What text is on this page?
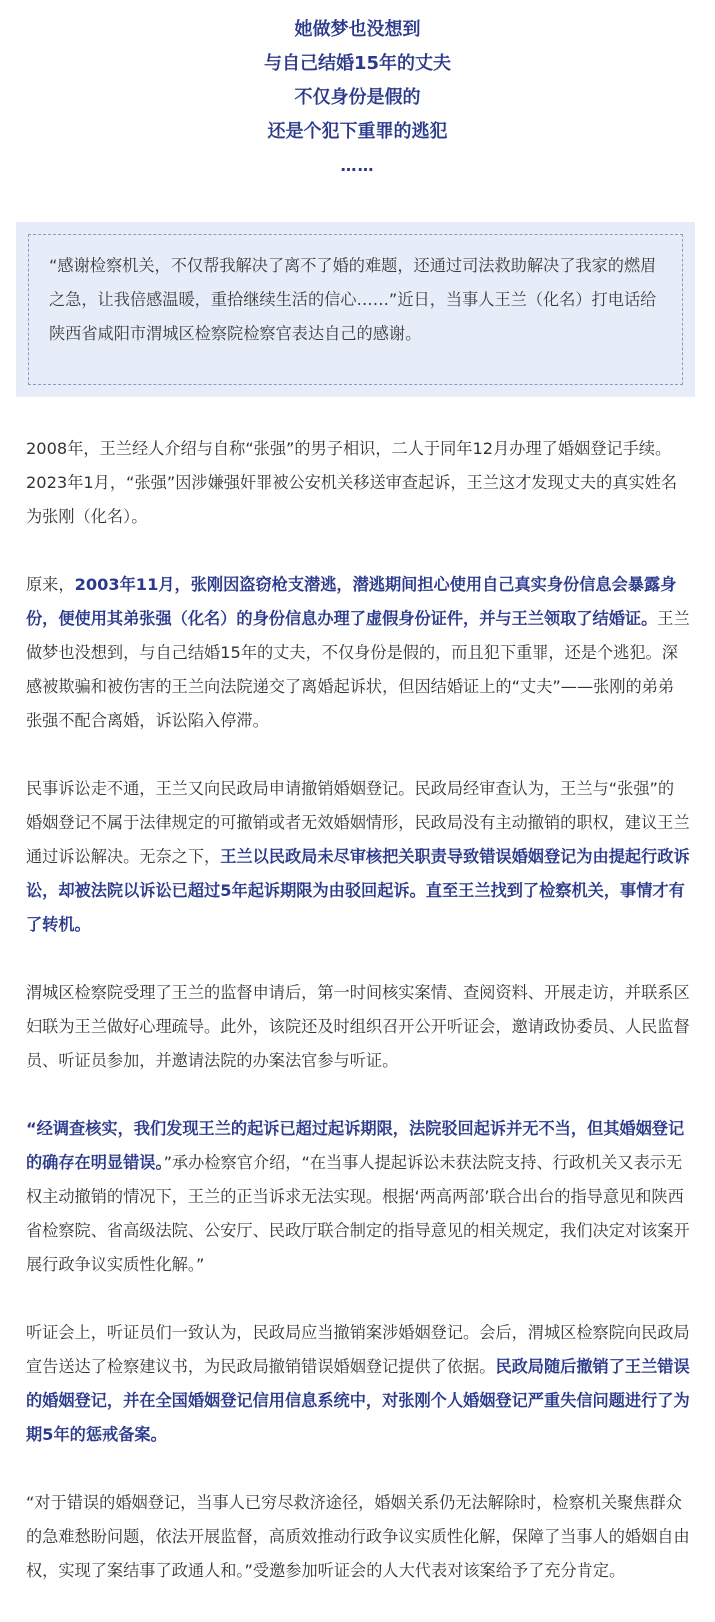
她做梦也没想到
与自己结婚15年的丈夫
不仅身份是假的
还是个犯下重罪的逃犯
……
“感谢检察机关，不仅帮我解决了离不了婚的难题，还通过司法救助解决了我家的燃眉之急，让我倍感温暖，重拾继续生活的信心……”近日，当事人王兰（化名）打电话给陕西省咸阳市渭城区检察院检察官表达自己的感谢。

2008年，王兰经人介绍与自称“张强”的男子相识，二人于同年12月办理了婚姻登记手续。2023年1月，“张强”因涉嫌强奸罪被公安机关移送审查起诉，王兰这才发现丈夫的真实姓名为张刚（化名）。

原来，2003年11月，张刚因盗窃枪支潜逃，潜逃期间担心使用自己真实身份信息会暴露身份，便使用其弟张强（化名）的身份信息办理了虚假身份证件，并与王兰领取了结婚证。王兰做梦也没想到，与自己结婚15年的丈夫，不仅身份是假的，而且犯下重罪，还是个逃犯。深感被欺骗和被伤害的王兰向法院递交了离婚起诉状，但因结婚证上的“丈夫”——张刚的弟弟张强不配合离婚，诉讼陷入停滞。

民事诉讼走不通，王兰又向民政局申请撤销婚姻登记。民政局经审查认为，王兰与“张强”的婚姻登记不属于法律规定的可撤销或者无效婚姻情形，民政局没有主动撤销的职权，建议王兰通过诉讼解决。无奈之下，王兰以民政局未尽审核把关职责导致错误婚姻登记为由提起行政诉讼，却被法院以诉讼已超过5年起诉期限为由驳回起诉。直至王兰找到了检察机关，事情才有了转机。

渭城区检察院受理了王兰的监督申请后，第一时间核实案情、查阅资料、开展走访，并联系区妇联为王兰做好心理疏导。此外，该院还及时组织召开公开听证会，邀请政协委员、人民监督员、听证员参加，并邀请法院的办案法官参与听证。

“经调查核实，我们发现王兰的起诉已超过起诉期限，法院驳回起诉并无不当，但其婚姻登记的确存在明显错误。”承办检察官介绍，“在当事人提起诉讼未获法院支持、行政机关又表示无权主动撤销的情况下，王兰的正当诉求无法实现。根据‘两高两部’联合出台的指导意见和陕西省检察院、省高级法院、公安厅、民政厅联合制定的指导意见的相关规定，我们决定对该案开展行政争议实质性化解。”

听证会上，听证员们一致认为，民政局应当撤销案涉婚姻登记。会后，渭城区检察院向民政局宣告送达了检察建议书，为民政局撤销错误婚姻登记提供了依据。民政局随后撤销了王兰错误的婚姻登记，并在全国婚姻登记信用信息系统中，对张刚个人婚姻登记严重失信问题进行了为期5年的惩戒备案。

“对于错误的婚姻登记，当事人已穷尽救济途径，婚姻关系仍无法解除时，检察机关聚焦群众的急难愁盼问题，依法开展监督，高质效推动行政争议实质性化解，保障了当事人的婚姻自由权，实现了案结事了政通人和。”受邀参加听证会的人大代表对该案给予了充分肯定。
